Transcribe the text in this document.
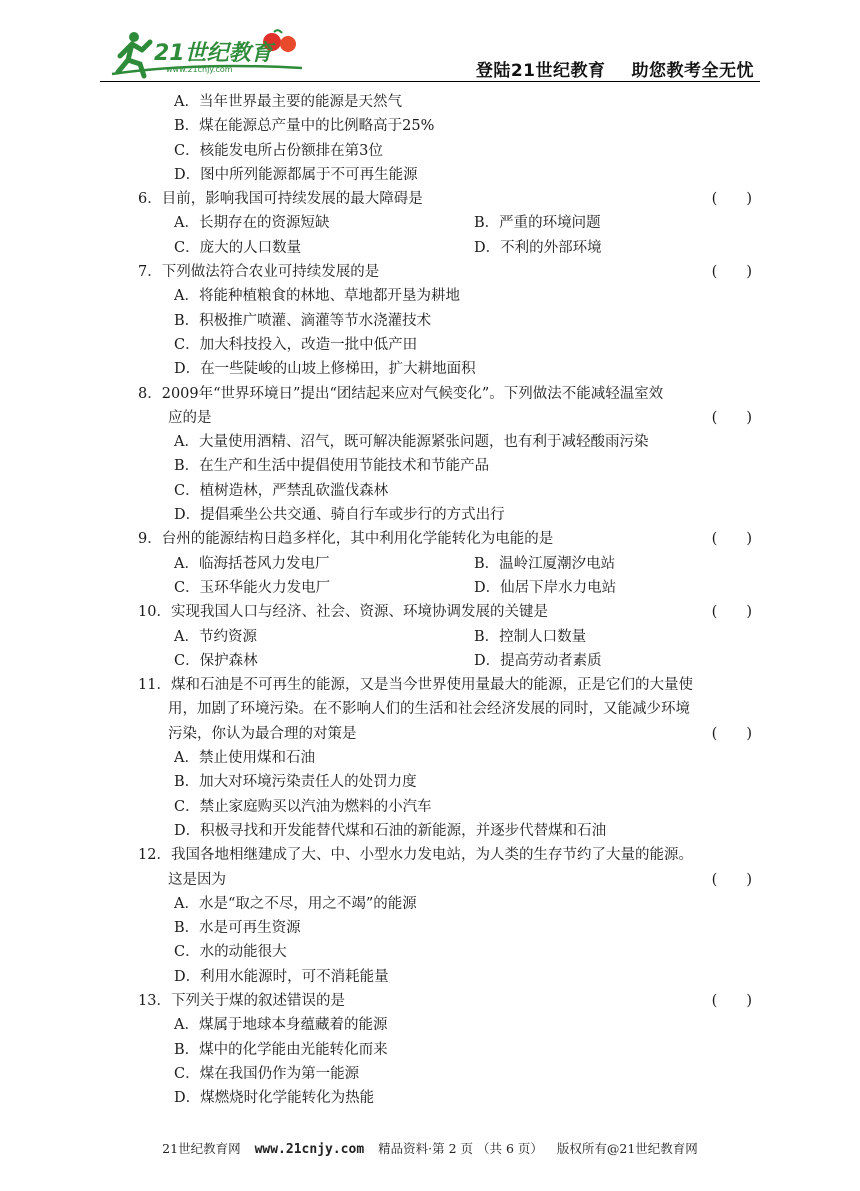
21世纪教育
www.21cnjy.com	登陆21世纪教育 助您教考全无忧
A．当年世界最主要的能源是天然气
B．煤在能源总产量中的比例略高于25%
C．核能发电所占份额排在第3位
D．图中所列能源都属于不可再生能源
6．目前，影响我国可持续发展的最大障碍是	(　　)
A．长期存在的资源短缺	B．严重的环境问题
C．庞大的人口数量	D．不利的外部环境
7．下列做法符合农业可持续发展的是	(　　)
A．将能种植粮食的林地、草地都开垦为耕地
B．积极推广喷灌、滴灌等节水浇灌技术
C．加大科技投入，改造一批中低产田
D．在一些陡峻的山坡上修梯田，扩大耕地面积
8．2009年“世界环境日”提出“团结起来应对气候变化”。下列做法不能减轻温室效
应的是	(　　)
A．大量使用酒精、沼气，既可解决能源紧张问题，也有利于减轻酸雨污染
B．在生产和生活中提倡使用节能技术和节能产品
C．植树造林，严禁乱砍滥伐森林
D．提倡乘坐公共交通、骑自行车或步行的方式出行
9．台州的能源结构日趋多样化，其中利用化学能转化为电能的是	(　　)
A．临海括苍风力发电厂	B．温岭江厦潮汐电站
C．玉环华能火力发电厂	D．仙居下岸水力电站
10．实现我国人口与经济、社会、资源、环境协调发展的关键是	(　　)
A．节约资源	B．控制人口数量
C．保护森林	D．提高劳动者素质
11．煤和石油是不可再生的能源，又是当今世界使用量最大的能源，正是它们的大量使
用，加剧了环境污染。在不影响人们的生活和社会经济发展的同时，又能减少环境
污染，你认为最合理的对策是	(　　)
A．禁止使用煤和石油
B．加大对环境污染责任人的处罚力度
C．禁止家庭购买以汽油为燃料的小汽车
D．积极寻找和开发能替代煤和石油的新能源，并逐步代替煤和石油
12．我国各地相继建成了大、中、小型水力发电站，为人类的生存节约了大量的能源。
这是因为	(　　)
A．水是“取之不尽，用之不竭”的能源
B．水是可再生资源
C．水的动能很大
D．利用水能源时，可不消耗能量
13．下列关于煤的叙述错误的是	(　　)
A．煤属于地球本身蕴藏着的能源
B．煤中的化学能由光能转化而来
C．煤在我国仍作为第一能源
D．煤燃烧时化学能转化为热能
21世纪教育网 www.21cnjy.com 精品资料·第 2 页 （共 6 页） 版权所有@21世纪教育网
